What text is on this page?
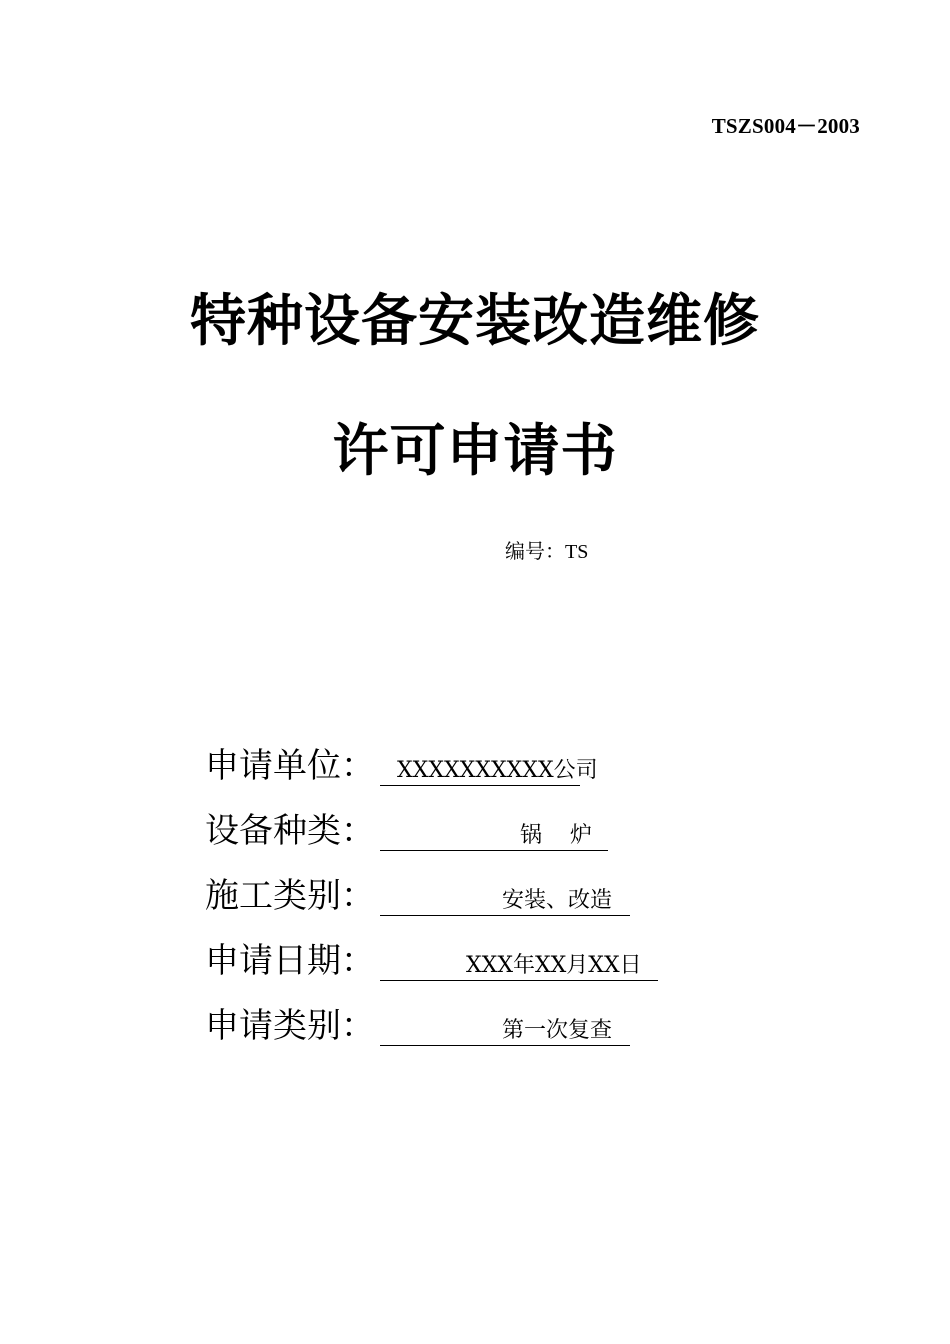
TSZS004－2003
特种设备安装改造维修
许可申请书
编号：TS
申请单位：	XXXXXXXXXX公司
设备种类：	锅    炉
施工类别：	安装、改造
申请日期：	XXX年XX月XX日
申请类别：	第一次复查
